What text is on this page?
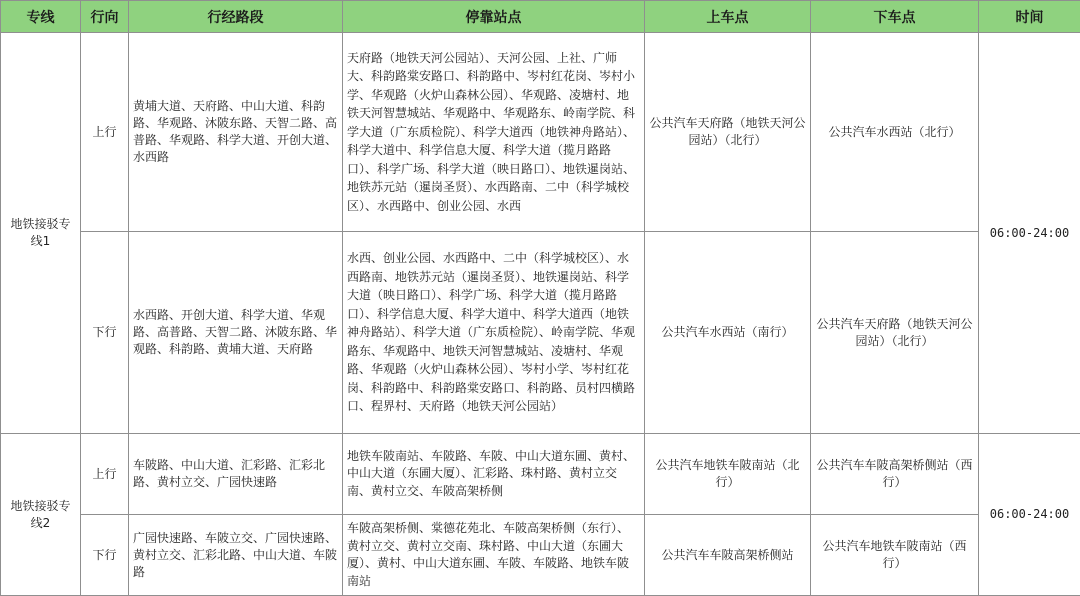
专线	行向	行经路段	停靠站点	上车点	下车点	时间
地铁接驳专线1	上行	黄埔大道、天府路、中山大道、科韵路、华观路、沐陂东路、天智二路、高普路、华观路、科学大道、开创大道、水西路	天府路（地铁天河公园站）、天河公园、上社、广师大、科韵路棠安路口、科韵路中、岑村红花岗、岑村小学、华观路（火炉山森林公园）、华观路、凌塘村、地铁天河智慧城站、华观路中、华观路东、岭南学院、科学大道（广东质检院）、科学大道西（地铁神舟路站）、科学大道中、科学信息大厦、科学大道（揽月路路口）、科学广场、科学大道（映日路口）、地铁暹岗站、地铁苏元站（暹岗圣贤）、水西路南、二中（科学城校区）、水西路中、创业公园、水西	公共汽车天府路（地铁天河公园站）（北行）	公共汽车水西站（北行）	06:00-24:00
	下行	水西路、开创大道、科学大道、华观路、高普路、天智二路、沐陂东路、华观路、科韵路、黄埔大道、天府路	水西、创业公园、水西路中、二中（科学城校区）、水西路南、地铁苏元站（暹岗圣贤）、地铁暹岗站、科学大道（映日路口）、科学广场、科学大道（揽月路路口）、科学信息大厦、科学大道中、科学大道西（地铁神舟路站）、科学大道（广东质检院）、岭南学院、华观路东、华观路中、地铁天河智慧城站、凌塘村、华观路、华观路（火炉山森林公园）、岑村小学、岑村红花岗、科韵路中、科韵路棠安路口、科韵路、员村四横路口、程界村、天府路（地铁天河公园站）	公共汽车水西站（南行）	公共汽车天府路（地铁天河公园站）（北行）	
地铁接驳专线2	上行	车陂路、中山大道、汇彩路、汇彩北路、黄村立交、广园快速路	地铁车陂南站、车陂路、车陂、中山大道东圃、黄村、中山大道（东圃大厦）、汇彩路、珠村路、黄村立交南、黄村立交、车陂高架桥侧	公共汽车地铁车陂南站（北行）	公共汽车车陂高架桥侧站（西行）	06:00-24:00
	下行	广园快速路、车陂立交、广园快速路、黄村立交、汇彩北路、中山大道、车陂路	车陂高架桥侧、棠德花苑北、车陂高架桥侧（东行）、黄村立交、黄村立交南、珠村路、中山大道（东圃大厦）、黄村、中山大道东圃、车陂、车陂路、地铁车陂南站	公共汽车车陂高架桥侧站	公共汽车地铁车陂南站（西行）	
